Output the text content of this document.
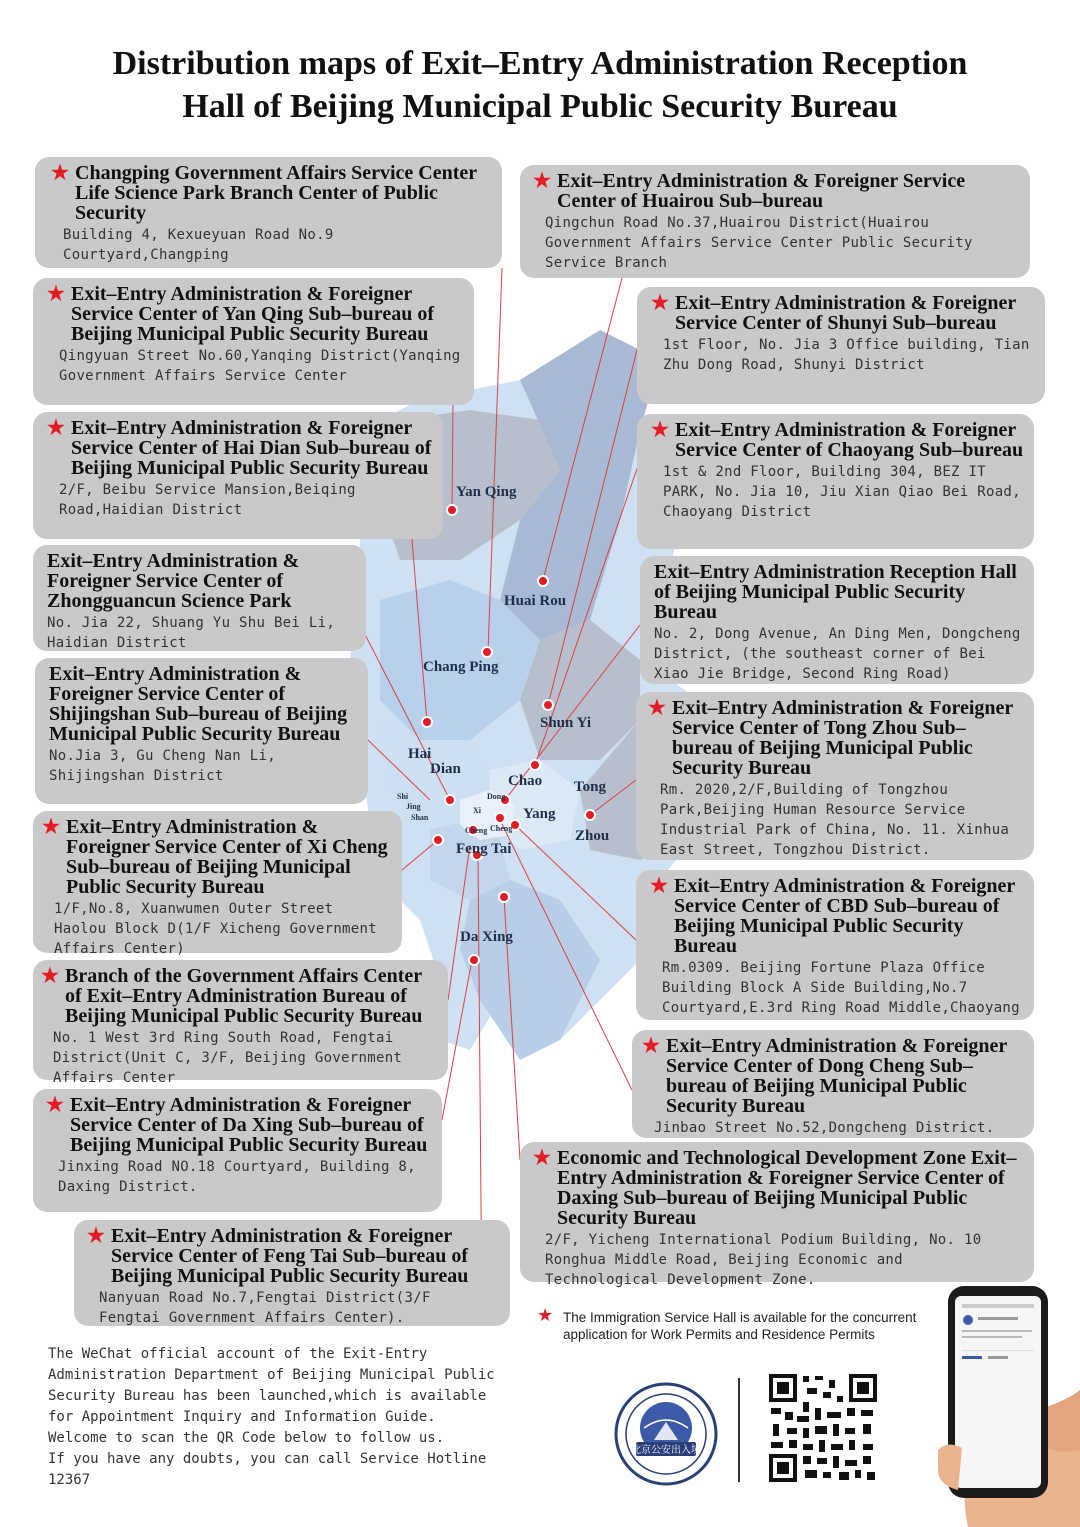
Distribution maps of Exit–Entry Administration Reception
Hall of Beijing Municipal Public Security Bureau
Yan Qing
Huai Rou
Chang Ping
Shun Yi
Hai
Dian
Chao
Yang
Tong
Zhou
Feng Tai
Da Xing
Shi
Jing
Shan
Dong
Cheng
Xi
Cheng
★ Changping Government Affairs Service Center Life Science Park Branch Center of Public Security
Building 4, Kexueyuan Road No.9 Courtyard,Changping
★ Exit–Entry Administration & Foreigner Service Center of Yan Qing Sub–bureau of Beijing Municipal Public Security Bureau
Qingyuan Street No.60,Yanqing District(Yanqing Government Affairs Service Center
★ Exit–Entry Administration & Foreigner Service Center of Hai Dian Sub–bureau of Beijing Municipal Public Security Bureau
2/F, Beibu Service Mansion,Beiqing Road,Haidian District
Exit–Entry Administration & Foreigner Service Center of Zhongguancun Science Park
No. Jia 22, Shuang Yu Shu Bei Li, Haidian District
Exit–Entry Administration & Foreigner Service Center of Shijingshan Sub–bureau of Beijing Municipal Public Security Bureau
No.Jia 3, Gu Cheng Nan Li, Shijingshan District
★ Exit–Entry Administration & Foreigner Service Center of Xi Cheng Sub–bureau of Beijing Municipal Public Security Bureau
1/F,No.8, Xuanwumen Outer Street Haolou Block D(1/F Xicheng Government Affairs Center)
★ Branch of the Government Affairs Center of Exit–Entry Administration Bureau of Beijing Municipal Public Security Bureau
No. 1 West 3rd Ring South Road, Fengtai District(Unit C, 3/F, Beijing Government Affairs Center
★ Exit–Entry Administration & Foreigner Service Center of Da Xing Sub–bureau of Beijing Municipal Public Security Bureau
Jinxing Road NO.18 Courtyard, Building 8, Daxing District.
★ Exit–Entry Administration & Foreigner Service Center of Feng Tai Sub–bureau of Beijing Municipal Public Security Bureau
Nanyuan Road No.7,Fengtai District(3/F Fengtai Government Affairs Center).
★ Exit–Entry Administration & Foreigner Service Center of Huairou Sub–bureau
Qingchun Road No.37,Huairou District(Huairou Government Affairs Service Center Public Security Service Branch
★ Exit–Entry Administration & Foreigner Service Center of Shunyi Sub–bureau
1st Floor, No. Jia 3 Office building, Tian Zhu Dong Road, Shunyi District
★ Exit–Entry Administration & Foreigner Service Center of Chaoyang Sub–bureau
1st & 2nd Floor, Building 304, BEZ IT PARK, No. Jia 10, Jiu Xian Qiao Bei Road, Chaoyang District
Exit–Entry Administration Reception Hall of Beijing Municipal Public Security Bureau
No. 2, Dong Avenue, An Ding Men, Dongcheng District, (the southeast corner of Bei Xiao Jie Bridge, Second Ring Road)
★ Exit–Entry Administration & Foreigner Service Center of Tong Zhou Sub–bureau of Beijing Municipal Public Security Bureau
Rm. 2020,2/F,Building of Tongzhou Park,Beijing Human Resource Service Industrial Park of China, No. 11. Xinhua East Street, Tongzhou District.
★ Exit–Entry Administration & Foreigner Service Center of CBD Sub–bureau of Beijing Municipal Public Security Bureau
Rm.0309. Beijing Fortune Plaza Office Building Block A Side Building,No.7 Courtyard,E.3rd Ring Road Middle,Chaoyang
★ Exit–Entry Administration & Foreigner Service Center of Dong Cheng Sub–bureau of Beijing Municipal Public Security Bureau
Jinbao Street No.52,Dongcheng District.
★ Economic and Technological Development Zone Exit–Entry Administration & Foreigner Service Center of Daxing Sub–bureau of Beijing Municipal Public Security Bureau
2/F, Yicheng International Podium Building, No. 10 Ronghua Middle Road, Beijing Economic and Technological Development Zone.
★ The Immigration Service Hall is available for the concurrent application for Work Permits and Residence Permits
The WeChat official account of the Exit-Entry
Administration Department of Beijing Municipal Public
Security Bureau has been launched,which is available
for Appointment Inquiry and Information Guide.
Welcome to scan the QR Code below to follow us.
If you have any doubts, you can call Service Hotline
12367
北京公安出入境
